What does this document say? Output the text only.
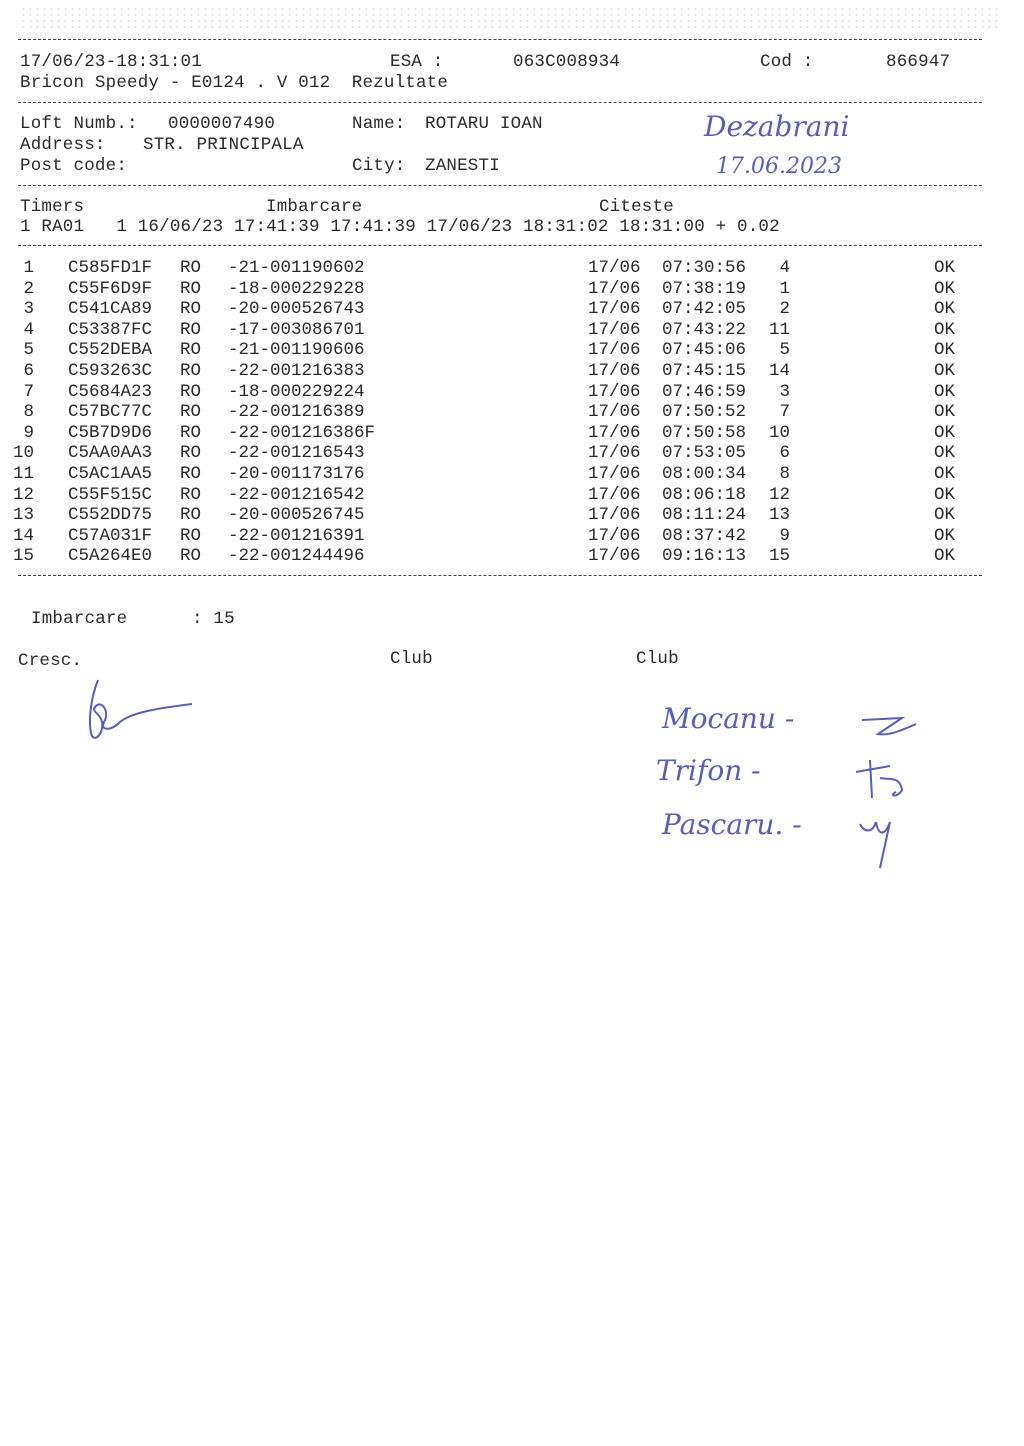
17/06/23-18:31:01	ESA :	063C008934	Cod :	866947
Bricon Speedy - E0124 . V 012  Rezultate
Loft Numb.: 0000007490	Name: ROTARU IOAN
Address: STR. PRINCIPALA
Post code:	City: ZANESTI
Dezabrani
17.06.2023
Timers	Imbarcare	Citeste
1 RA01   1 16/06/23 17:41:39 17:41:39 17/06/23 18:31:02 18:31:00 + 0.02
1 C585FD1F RO -21-001190602	17/06 07:30:56	4	OK
2 C55F6D9F RO -18-000229228	17/06 07:38:19	1	OK
3 C541CA89 RO -20-000526743	17/06 07:42:05	2	OK
4 C53387FC RO -17-003086701	17/06 07:43:22 11	OK
5 C552DEBA RO -21-001190606	17/06 07:45:06	5	OK
6 C593263C RO -22-001216383	17/06 07:45:15 14	OK
7 C5684A23 RO -18-000229224	17/06 07:46:59	3	OK
8 C57BC77C RO -22-001216389	17/06 07:50:52	7	OK
9 C5B7D9D6 RO -22-001216386F	17/06 07:50:58 10	OK
10 C5AA0AA3 RO -22-001216543	17/06 07:53:05	6	OK
11 C5AC1AA5 RO -20-001173176	17/06 08:00:34	8	OK
12 C55F515C RO -22-001216542	17/06 08:06:18 12	OK
13 C552DD75 RO -20-000526745	17/06 08:11:24 13	OK
14 C57A031F RO -22-001216391	17/06 08:37:42	9	OK
15 C5A264E0 RO -22-001244496	17/06 09:16:13 15	OK
Imbarcare	: 15
Cresc.	Club	Club
Mocanu -
Trifon -
Pascaru. -
